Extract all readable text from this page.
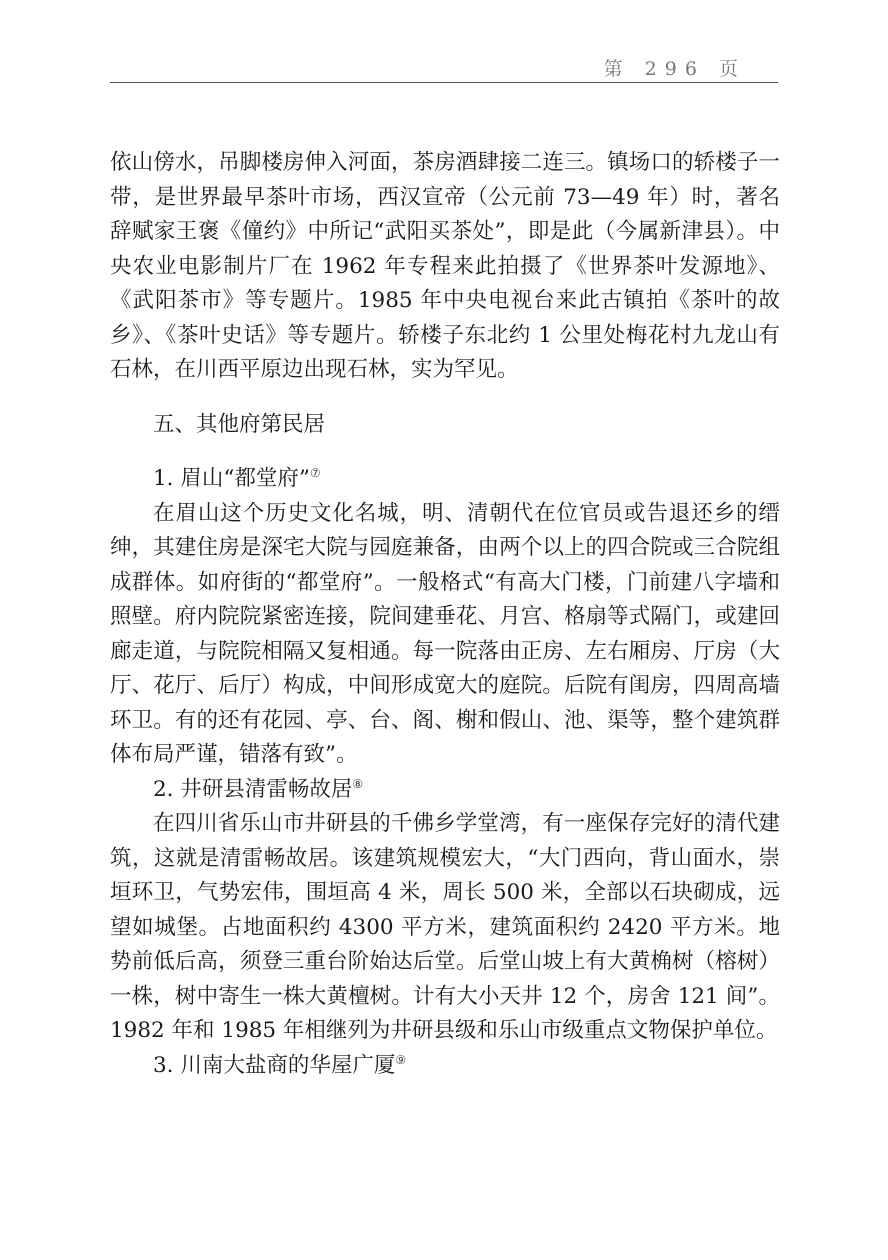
第 296 页

依山傍水，吊脚楼房伸入河面，茶房酒肆接二连三。镇场口的轿楼子一带，是世界最早茶叶市场，西汉宣帝（公元前 73—49 年）时，著名辞赋家王褒《僮约》中所记“武阳买茶处”，即是此（今属新津县）。中央农业电影制片厂在 1962 年专程来此拍摄了《世界茶叶发源地》、《武阳茶市》等专题片。1985 年中央电视台来此古镇拍《茶叶的故乡》、《茶叶史话》等专题片。轿楼子东北约 1 公里处梅花村九龙山有石林，在川西平原边出现石林，实为罕见。

五、其他府第民居

1. 眉山“都堂府”⑦

在眉山这个历史文化名城，明、清朝代在位官员或告退还乡的缙绅，其建住房是深宅大院与园庭兼备，由两个以上的四合院或三合院组成群体。如府街的“都堂府”。一般格式“有高大门楼，门前建八字墙和照壁。府内院院紧密连接，院间建垂花、月宫、格扇等式隔门，或建回廊走道，与院院相隔又复相通。每一院落由正房、左右厢房、厅房（大厅、花厅、后厅）构成，中间形成宽大的庭院。后院有闺房，四周高墙环卫。有的还有花园、亭、台、阁、榭和假山、池、渠等，整个建筑群体布局严谨，错落有致”。

2. 井研县清雷畅故居⑧

在四川省乐山市井研县的千佛乡学堂湾，有一座保存完好的清代建筑，这就是清雷畅故居。该建筑规模宏大，“大门西向，背山面水，崇垣环卫，气势宏伟，围垣高 4 米，周长 500 米，全部以石块砌成，远望如城堡。占地面积约 4300 平方米，建筑面积约 2420 平方米。地势前低后高，须登三重台阶始达后堂。后堂山坡上有大黄桷树（榕树）一株，树中寄生一株大黄檀树。计有大小天井 12 个，房舍 121 间”。1982 年和 1985 年相继列为井研县级和乐山市级重点文物保护单位。

3. 川南大盐商的华屋广厦⑨
